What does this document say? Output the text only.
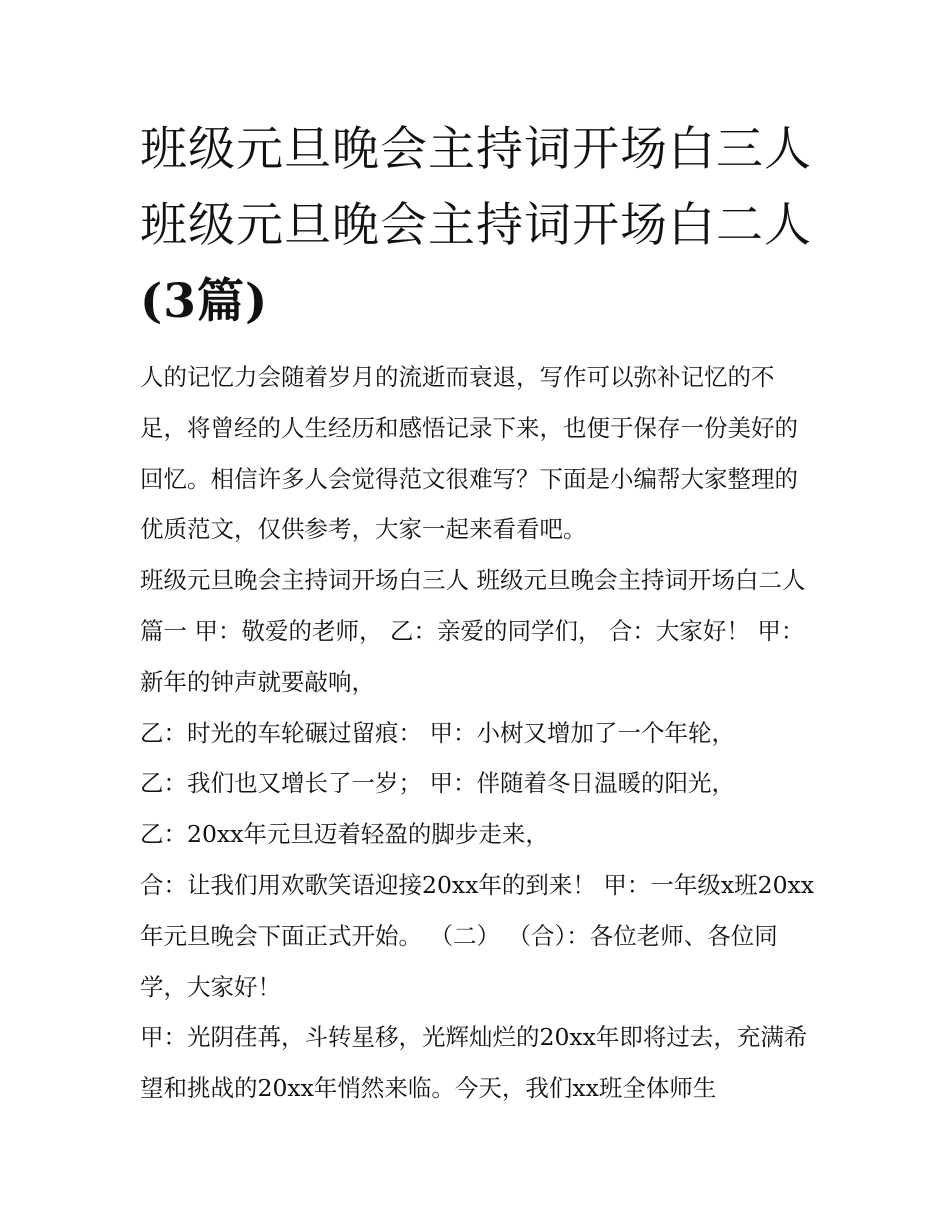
班级元旦晚会主持词开场白三人 班级元旦晚会主持词开场白二人(3篇)

人的记忆力会随着岁月的流逝而衰退，写作可以弥补记忆的不足，将曾经的人生经历和感悟记录下来，也便于保存一份美好的回忆。相信许多人会觉得范文很难写？下面是小编帮大家整理的优质范文，仅供参考，大家一起来看看吧。

班级元旦晚会主持词开场白三人 班级元旦晚会主持词开场白二人篇一 甲：敬爱的老师， 乙：亲爱的同学们， 合：大家好！ 甲：新年的钟声就要敲响，

乙：时光的车轮碾过留痕： 甲：小树又增加了一个年轮，

乙：我们也又增长了一岁； 甲：伴随着冬日温暖的阳光，

乙：20xx年元旦迈着轻盈的脚步走来，

合：让我们用欢歌笑语迎接20xx年的到来！ 甲：一年级x班20xx年元旦晚会下面正式开始。 （二） （合）：各位老师、各位同学，大家好！

甲：光阴荏苒，斗转星移，光辉灿烂的20xx年即将过去，充满希望和挑战的20xx年悄然来临。今天，我们xx班全体师生
